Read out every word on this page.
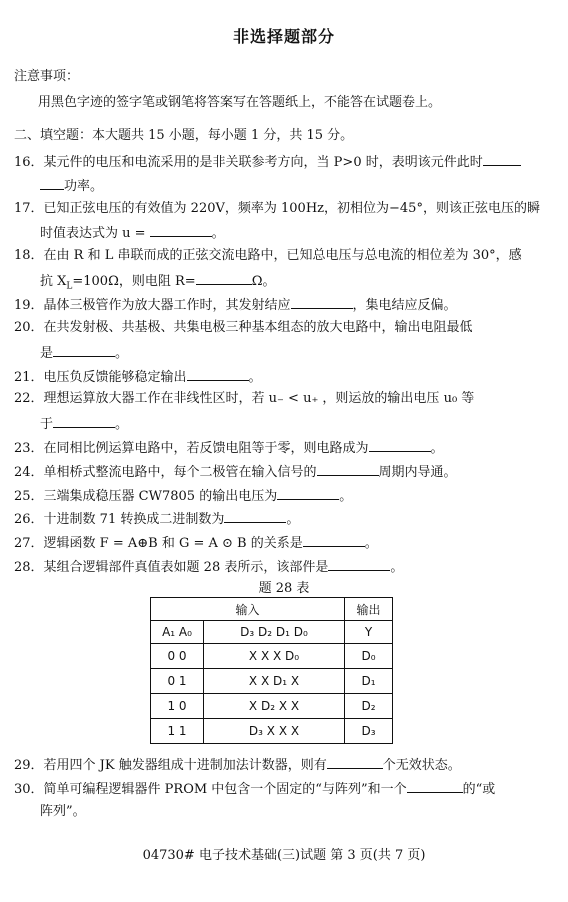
非选择题部分
注意事项：
用黑色字迹的签字笔或钢笔将答案写在答题纸上，不能答在试题卷上。
二、填空题：本大题共 15 小题，每小题 1 分，共 15 分。
16．某元件的电压和电流采用的是非关联参考方向，当 P>0 时，表明该元件此时
功率。
17．已知正弦电压的有效值为 220V，频率为 100Hz，初相位为−45°，则该正弦电压的瞬
时值表达式为 u =	。
18．在由 R 和 L 串联而成的正弦交流电路中，已知总电压与总电流的相位差为 30°，感
抗 $X_L=100\Omega$，则电阻 R=	Ω。
19．晶体三极管作为放大器工作时，其发射结应	，集电结应反偏。
20．在共发射极、共基极、共集电极三种基本组态的放大电路中，输出电阻最低
是	。
21．电压负反馈能够稳定输出	。
22．理想运算放大器工作在非线性区时，若 u₋ < u₊ ，则运放的输出电压 u₀ 等
于	。
23．在同相比例运算电路中，若反馈电阻等于零，则电路成为	。
24．单相桥式整流电路中，每个二极管在输入信号的	周期内导通。
25．三端集成稳压器 CW7805 的输出电压为	。
26．十进制数 71 转换成二进制数为	。
27．逻辑函数 F = A⊕B 和 G = A ⊙ B 的关系是	。
28．某组合逻辑部件真值表如题 28 表所示，该部件是	。
题 28 表
输入		输出
A₁ A₀	D₃ D₂ D₁ D₀	Y
0 0	X X X D₀	D₀
0 1	X X D₁ X	D₁
1 0	X D₂ X X	D₂
1 1	D₃ X X X	D₃
29．若用四个 JK 触发器组成十进制加法计数器，则有	个无效状态。
30．简单可编程逻辑器件 PROM 中包含一个固定的“与阵列”和一个	的“或
阵列”。
04730# 电子技术基础(三)试题 第 3 页(共 7 页)
